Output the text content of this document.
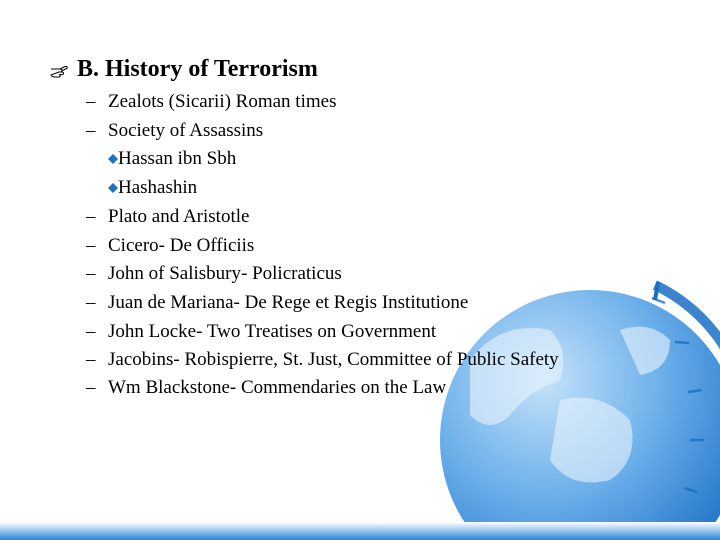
B. History of Terrorism
– Zealots (Sicarii) Roman times
– Society of Assassins
Hassan ibn Sbh
Hashashin
– Plato and Aristotle
– Cicero- De Officiis
– John of Salisbury- Policraticus
– Juan de Mariana- De Rege et Regis Institutione
– John Locke- Two Treatises on Government
– Jacobins- Robispierre, St. Just, Committee of Public Safety
– Wm Blackstone- Commendaries on the Law
